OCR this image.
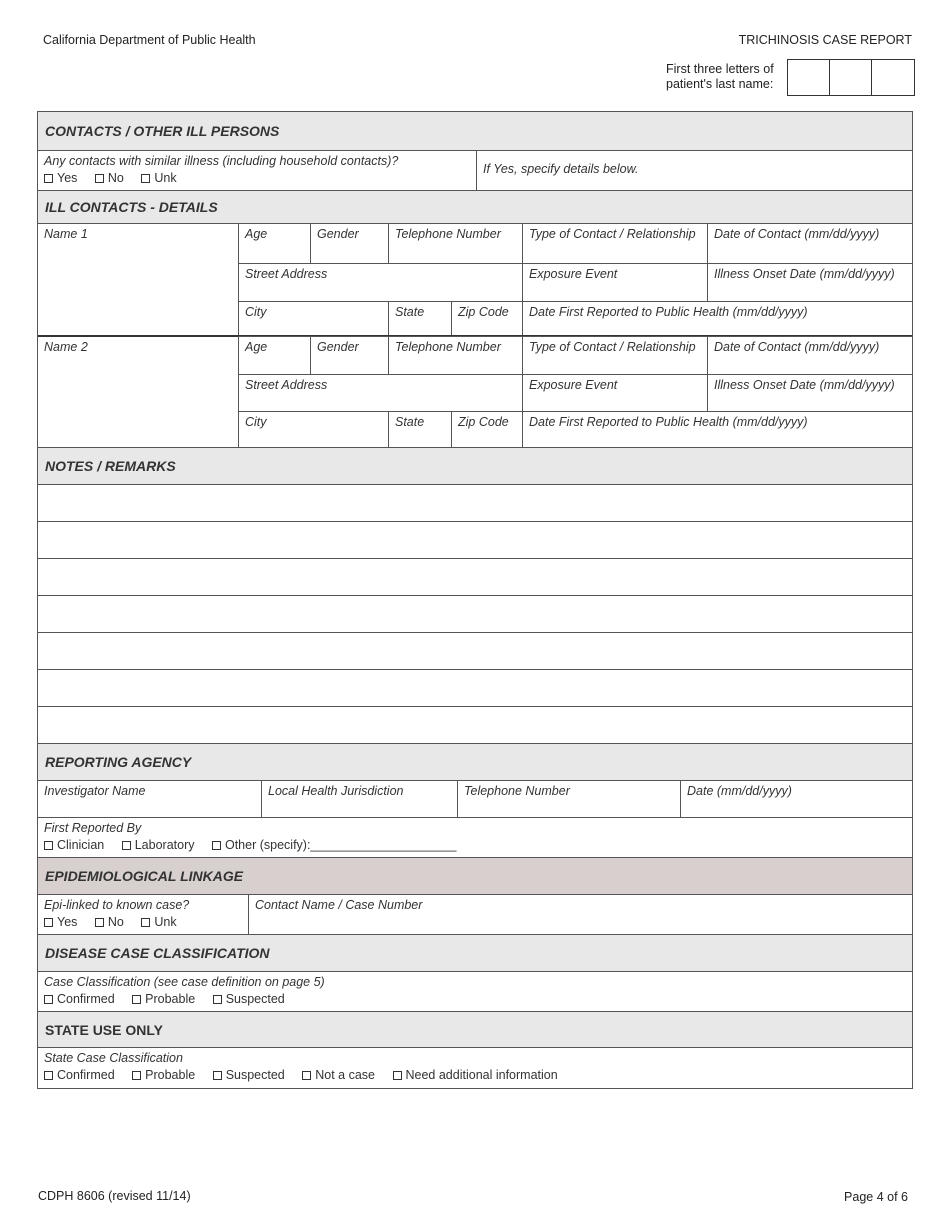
California Department of Public Health	TRICHINOSIS CASE REPORT
First three letters of
patient's last name:
CONTACTS / OTHER ILL PERSONS
Any contacts with similar illness (including household contacts)?
Yes No Unk
If Yes, specify details below.
ILL CONTACTS - DETAILS
Name 1	Age	Gender	Telephone Number	Type of Contact / Relationship	Date of Contact (mm/dd/yyyy)
Street Address	Exposure Event	Illness Onset Date (mm/dd/yyyy)
City	State	Zip Code	Date First Reported to Public Health (mm/dd/yyyy)
Name 2	Age	Gender	Telephone Number	Type of Contact / Relationship	Date of Contact (mm/dd/yyyy)
Street Address	Exposure Event	Illness Onset Date (mm/dd/yyyy)
City	State	Zip Code	Date First Reported to Public Health (mm/dd/yyyy)
NOTES / REMARKS
REPORTING AGENCY
Investigator Name	Local Health Jurisdiction	Telephone Number	Date (mm/dd/yyyy)
First Reported By
Clinician Laboratory Other (specify):_____________________
EPIDEMIOLOGICAL LINKAGE
Epi-linked to known case?
Yes No Unk
Contact Name / Case Number
DISEASE CASE CLASSIFICATION
Case Classification (see case definition on page 5)
Confirmed Probable Suspected
STATE USE ONLY
State Case Classification
Confirmed Probable Suspected Not a case Need additional information
CDPH 8606 (revised 11/14)	Page 4 of 6
